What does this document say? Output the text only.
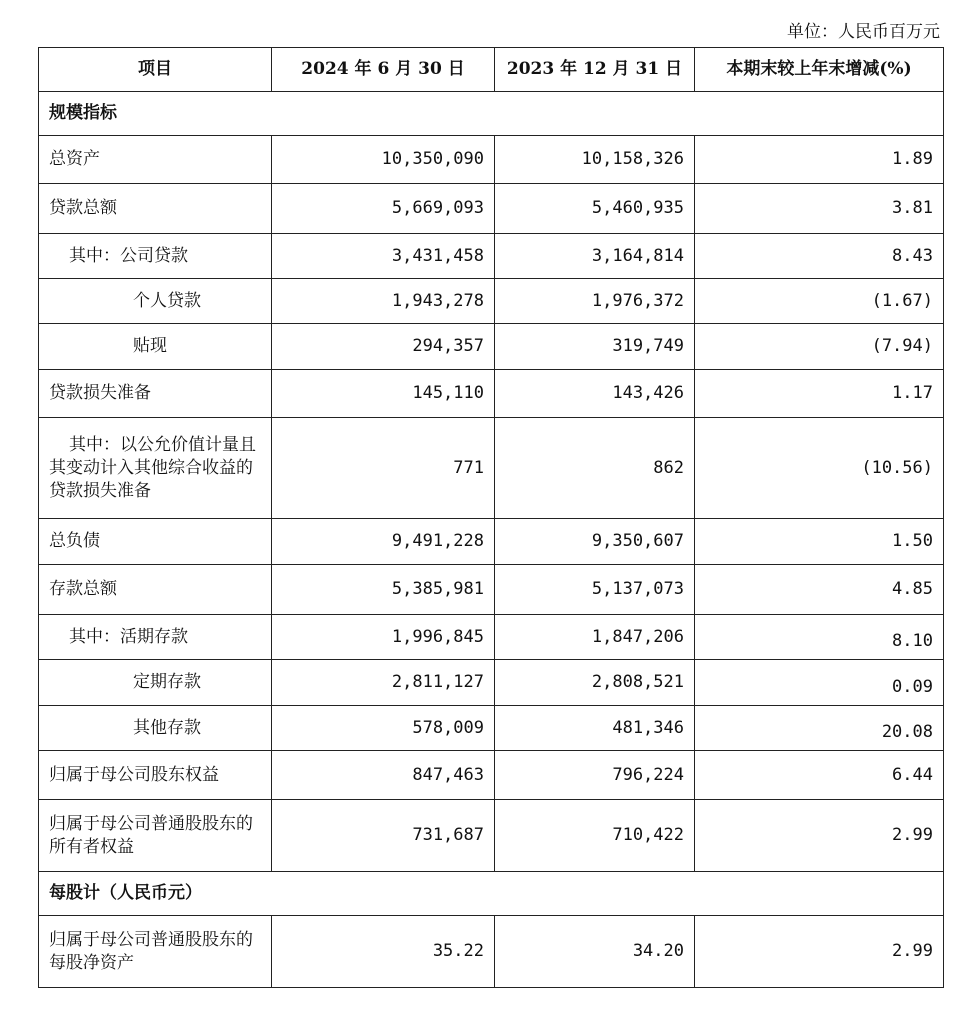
单位：人民币百万元
项目	2024 年 6 月 30 日	2023 年 12 月 31 日	本期末较上年末增减(%)
规模指标			
总资产	10,350,090	10,158,326	1.89
贷款总额	5,669,093	5,460,935	3.81
其中：公司贷款	3,431,458	3,164,814	8.43
个人贷款	1,943,278	1,976,372	(1.67)
贴现	294,357	319,749	(7.94)
贷款损失准备	145,110	143,426	1.17
其中：以公允价值计量且其变动计入其他综合收益的贷款损失准备	771	862	(10.56)
总负债	9,491,228	9,350,607	1.50
存款总额	5,385,981	5,137,073	4.85
其中：活期存款	1,996,845	1,847,206	8.10
定期存款	2,811,127	2,808,521	0.09
其他存款	578,009	481,346	20.08
归属于母公司股东权益	847,463	796,224	6.44
归属于母公司普通股股东的所有者权益	731,687	710,422	2.99
每股计（人民币元）			
归属于母公司普通股股东的每股净资产	35.22	34.20	2.99
